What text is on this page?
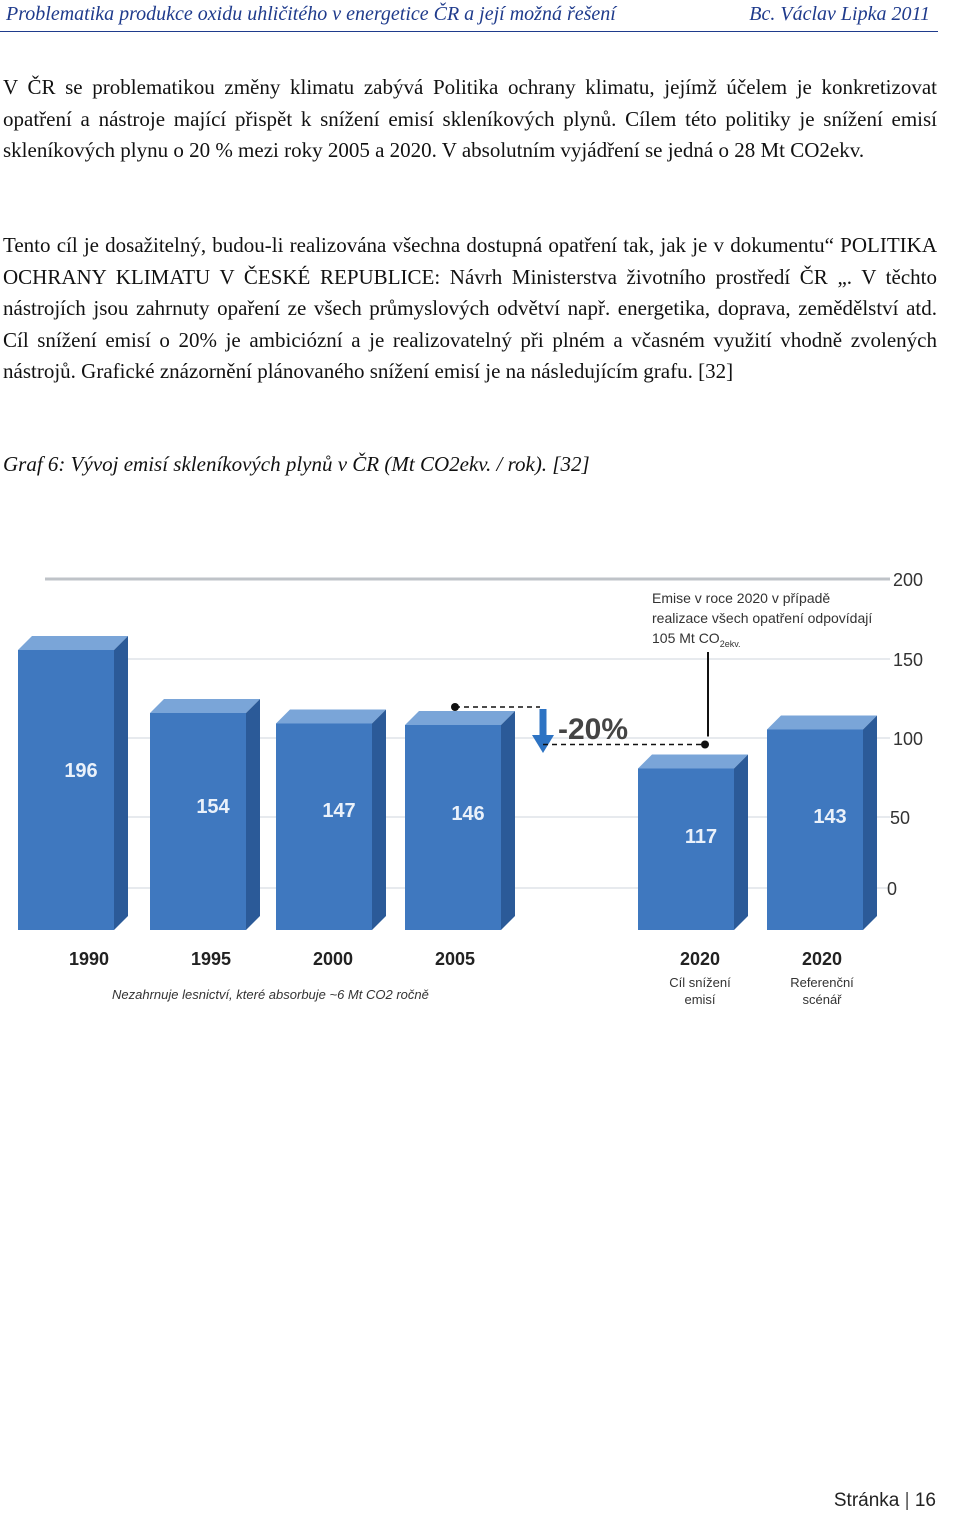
Problematika produkce oxidu uhličitého v energetice ČR a její možná řešení	Bc. Václav Lipka 2011

V ČR se problematikou změny klimatu zabývá Politika ochrany klimatu, jejímž účelem je konkretizovat opatření a nástroje mající přispět k snížení emisí skleníkových plynů. Cílem této politiky je snížení emisí skleníkových plynu o 20 % mezi roky 2005 a 2020. V absolutním vyjádření se jedná o 28 Mt CO2ekv.

Tento cíl je dosažitelný, budou-li realizována všechna dostupná opatření tak, jak je v dokumentu“ POLITIKA OCHRANY KLIMATU V ČESKÉ REPUBLICE: Návrh Ministerstva životního prostředí ČR „. V těchto nástrojích jsou zahrnuty opaření ze všech průmyslových odvětví např. energetika, doprava, zemědělství atd. Cíl snížení emisí o 20% je ambiciózní a je realizovatelný při plném a včasném využití vhodně zvolených nástrojů. Grafické znázornění plánovaného snížení emisí je na následujícím grafu. [32]

Graf 6: Vývoj emisí skleníkových plynů v ČR (Mt CO2ekv. / rok). [32]

196
154	147	146
117
143
0
50
100
150
200
1990	1995	2000	2005	2020
Cíl snížení
emisí
2020
Referenční
scénář
-20%
Emise v roce 2020 v případě
realizace všech opatření odpovídají
105 Mt $CO_{2ekv.}$
Nezahrnuje lesnictví, které absorbuje ~6 Mt CO2 ročně
Stránka | 16
